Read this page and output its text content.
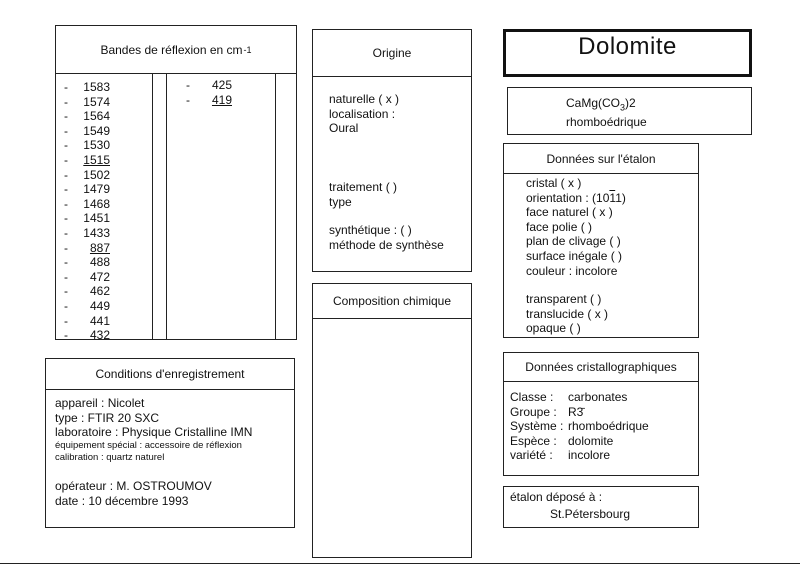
Bandes de réflexion en cm -1
-	1583
-	1574
-	1564
-	1549
-	1530
-	1515
-	1502
-	1479
-	1468
-	1451
-	1433
-	887
-	488
-	472
-	462
-	449
-	441
-	432
-	425
-	419
Origine
naturelle ( x )
localisation :
Oural
traitement ( )
type
synthétique : ( )
méthode de synthèse
Composition chimique
Dolomite
$CaMg(CO_3)2$
rhomboédrique
Données sur l'étalon
cristal ( x )
orientation : (1011)
face naturel ( x )
face polie ( )
plan de clivage ( )
surface inégale ( )
couleur : incolore
transparent ( )
translucide ( x )
opaque ( )
Conditions d'enregistrement
appareil : Nicolet
type : FTIR 20 SXC
laboratoire : Physique Cristalline IMN
équipement spécial : accessoire de réflexion
calibration : quartz naturel
opérateur : M. OSTROUMOV
date : 10 décembre 1993
Données cristallographiques
Classe :	carbonates
Groupe : R3̄
Système : rhomboédrique
Espèce : dolomite
variété :	incolore
étalon déposé à :
St.Pétersbourg
